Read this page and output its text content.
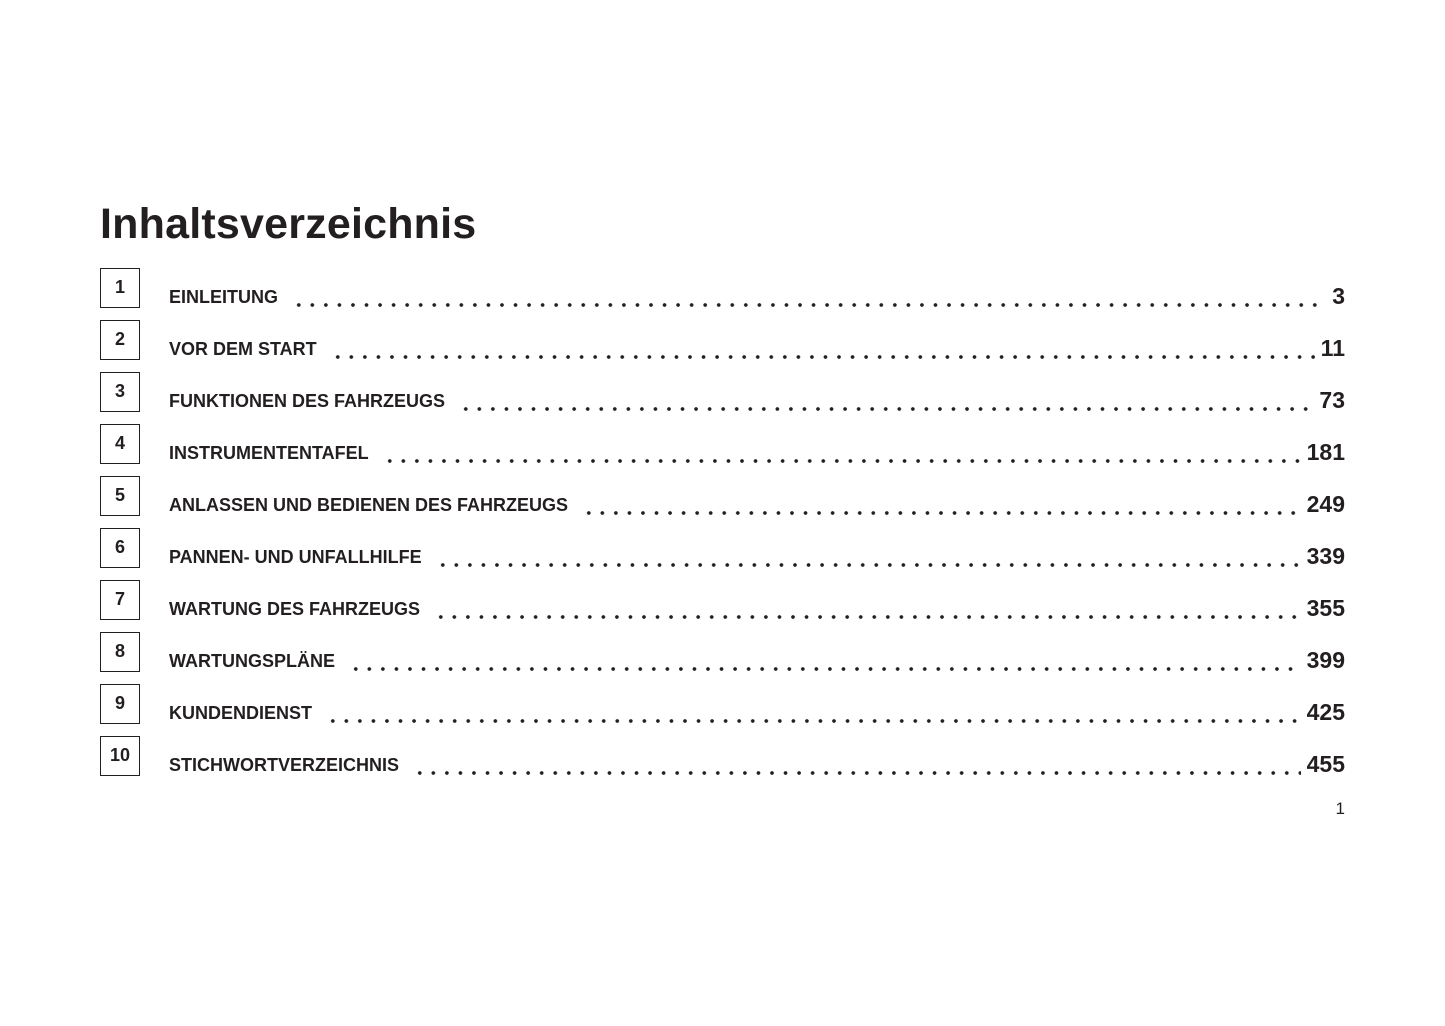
Inhaltsverzeichnis
1	EINLEITUNG	3
2	VOR DEM START	11
3	FUNKTIONEN DES FAHRZEUGS	73
4	INSTRUMENTENTAFEL	181
5	ANLASSEN UND BEDIENEN DES FAHRZEUGS	249
6	PANNEN- UND UNFALLHILFE	339
7	WARTUNG DES FAHRZEUGS	355
8	WARTUNGSPLÄNE	399
9	KUNDENDIENST	425
10	STICHWORTVERZEICHNIS	455
1
